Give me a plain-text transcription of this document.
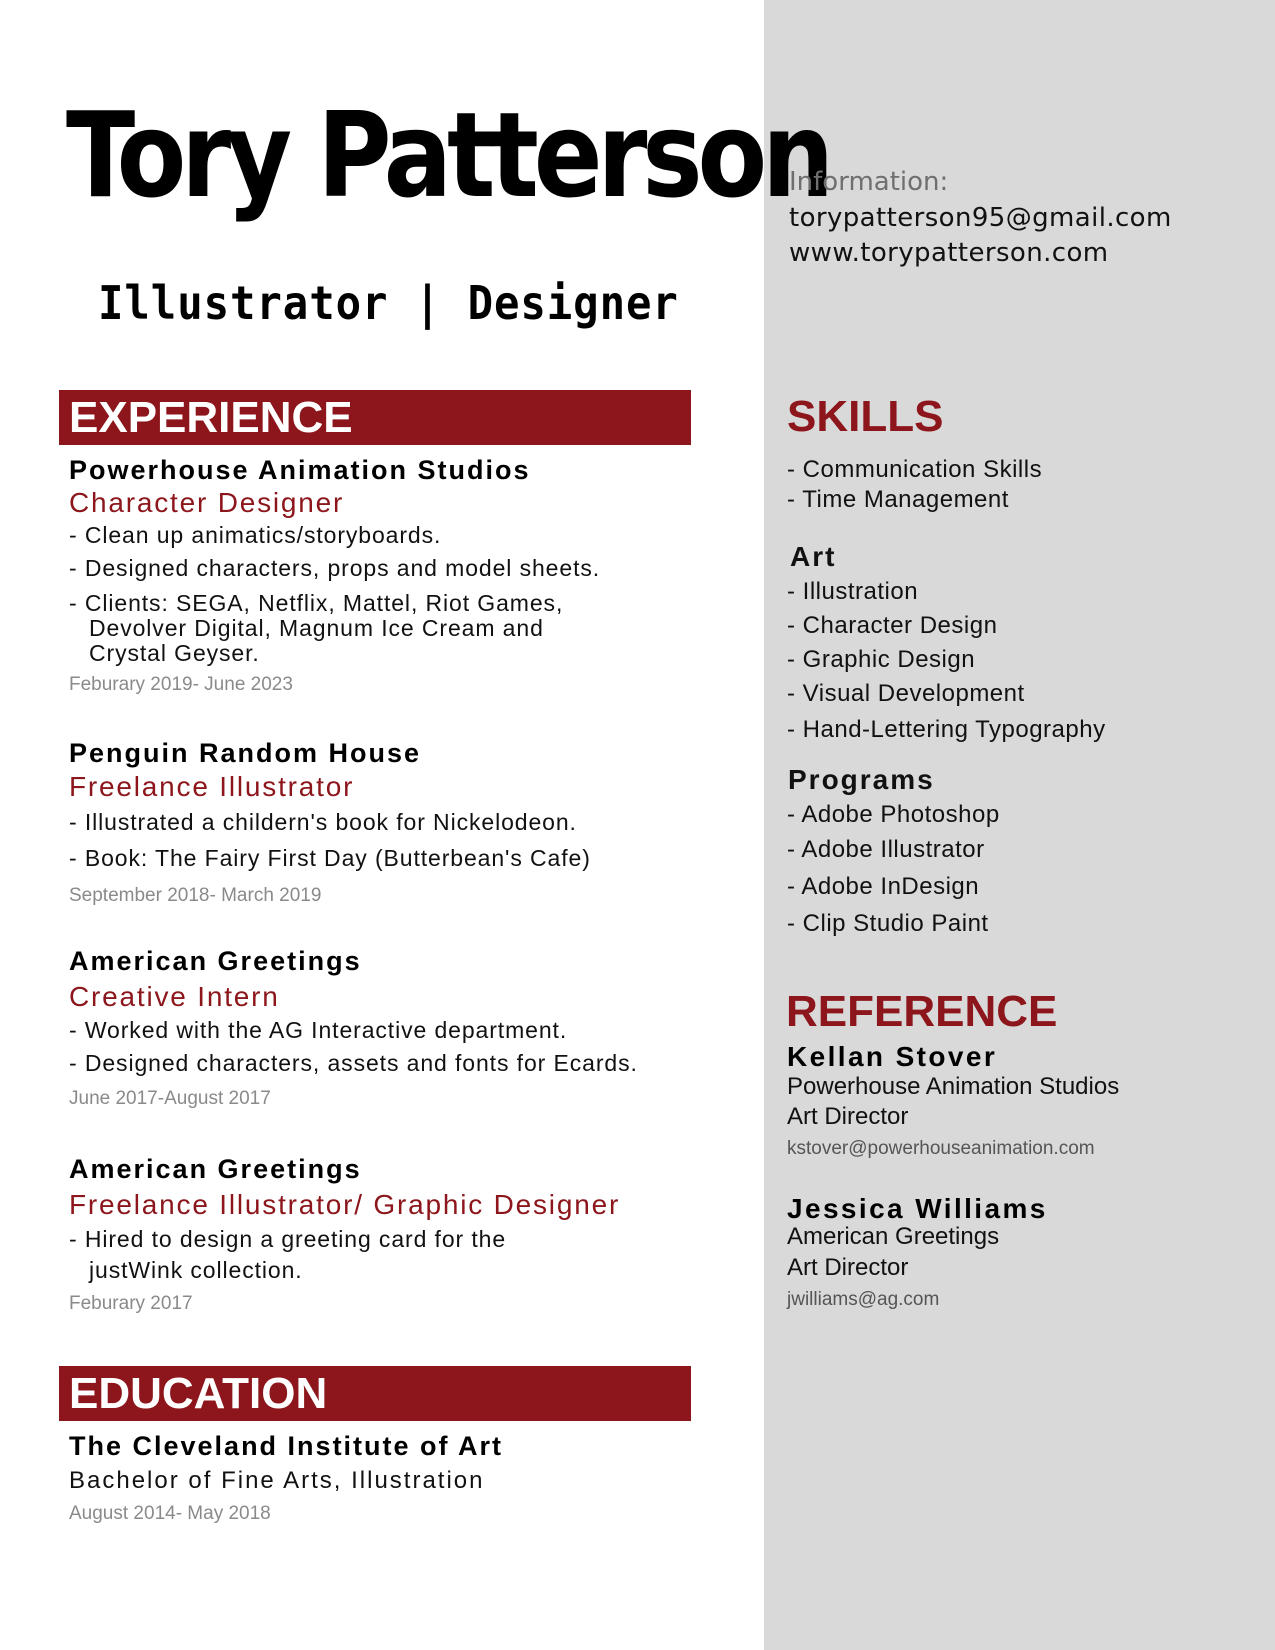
Tory Patterson
Illustrator | Designer
Information:
torypatterson95@gmail.com
www.torypatterson.com
EXPERIENCE
Powerhouse Animation Studios
Character Designer
- Clean up animatics/storyboards.
- Designed characters, props and model sheets.
- Clients: SEGA, Netflix, Mattel, Riot Games,
Devolver Digital, Magnum Ice Cream and
Crystal Geyser.
Feburary 2019- June 2023
Penguin Random House
Freelance Illustrator
- Illustrated a childern's book for Nickelodeon.
- Book: The Fairy First Day (Butterbean's Cafe)
September 2018- March 2019
American Greetings
Creative Intern
- Worked with the AG Interactive department.
- Designed characters, assets and fonts for Ecards.
June 2017-August 2017
American Greetings
Freelance Illustrator/ Graphic Designer
- Hired to design a greeting card for the
justWink collection.
Feburary 2017
EDUCATION
The Cleveland Institute of Art
Bachelor of Fine Arts, Illustration
August 2014- May 2018
SKILLS
- Communication Skills
- Time Management
Art
- Illustration
- Character Design
- Graphic Design
- Visual Development
- Hand-Lettering Typography
Programs
- Adobe Photoshop
- Adobe Illustrator
- Adobe InDesign
- Clip Studio Paint
REFERENCE
Kellan Stover
Powerhouse Animation Studios
Art Director
kstover@powerhouseanimation.com
Jessica Williams
American Greetings
Art Director
jwilliams@ag.com
